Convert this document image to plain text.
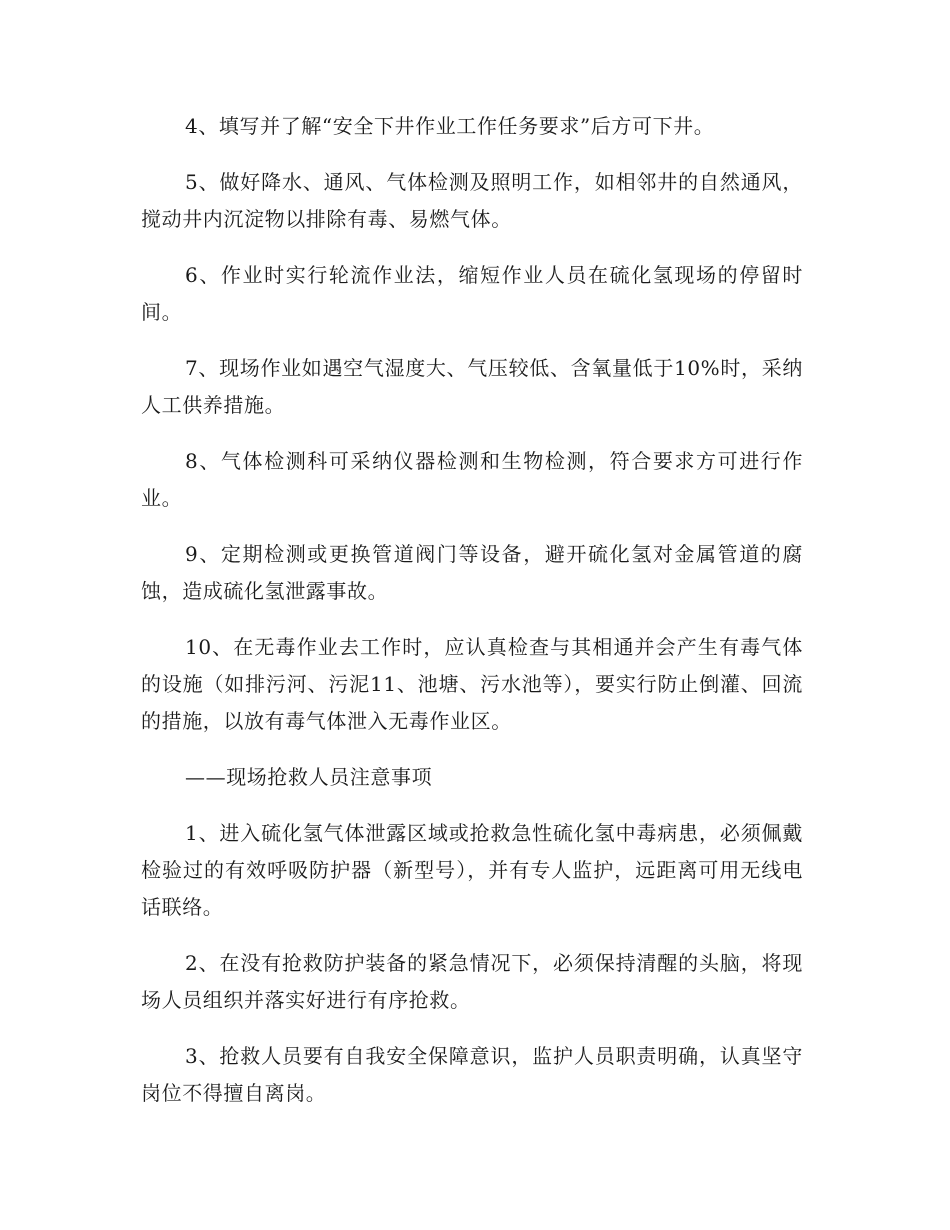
4、填写并了解“安全下井作业工作任务要求”后方可下井。

5、做好降水、通风、气体检测及照明工作，如相邻井的自然通风，搅动井内沉淀物以排除有毒、易燃气体。

6、作业时实行轮流作业法，缩短作业人员在硫化氢现场的停留时间。

7、现场作业如遇空气湿度大、气压较低、含氧量低于10%时，采纳人工供养措施。

8、气体检测科可采纳仪器检测和生物检测，符合要求方可进行作业。

9、定期检测或更换管道阀门等设备，避开硫化氢对金属管道的腐蚀，造成硫化氢泄露事故。

10、在无毒作业去工作时，应认真检查与其相通并会产生有毒气体的设施（如排污河、污泥11、池塘、污水池等），要实行防止倒灌、回流的措施，以放有毒气体泄入无毒作业区。

——现场抢救人员注意事项

1、进入硫化氢气体泄露区域或抢救急性硫化氢中毒病患，必须佩戴检验过的有效呼吸防护器（新型号），并有专人监护，远距离可用无线电话联络。

2、在没有抢救防护装备的紧急情况下，必须保持清醒的头脑，将现场人员组织并落实好进行有序抢救。

3、抢救人员要有自我安全保障意识，监护人员职责明确，认真坚守岗位不得擅自离岗。
